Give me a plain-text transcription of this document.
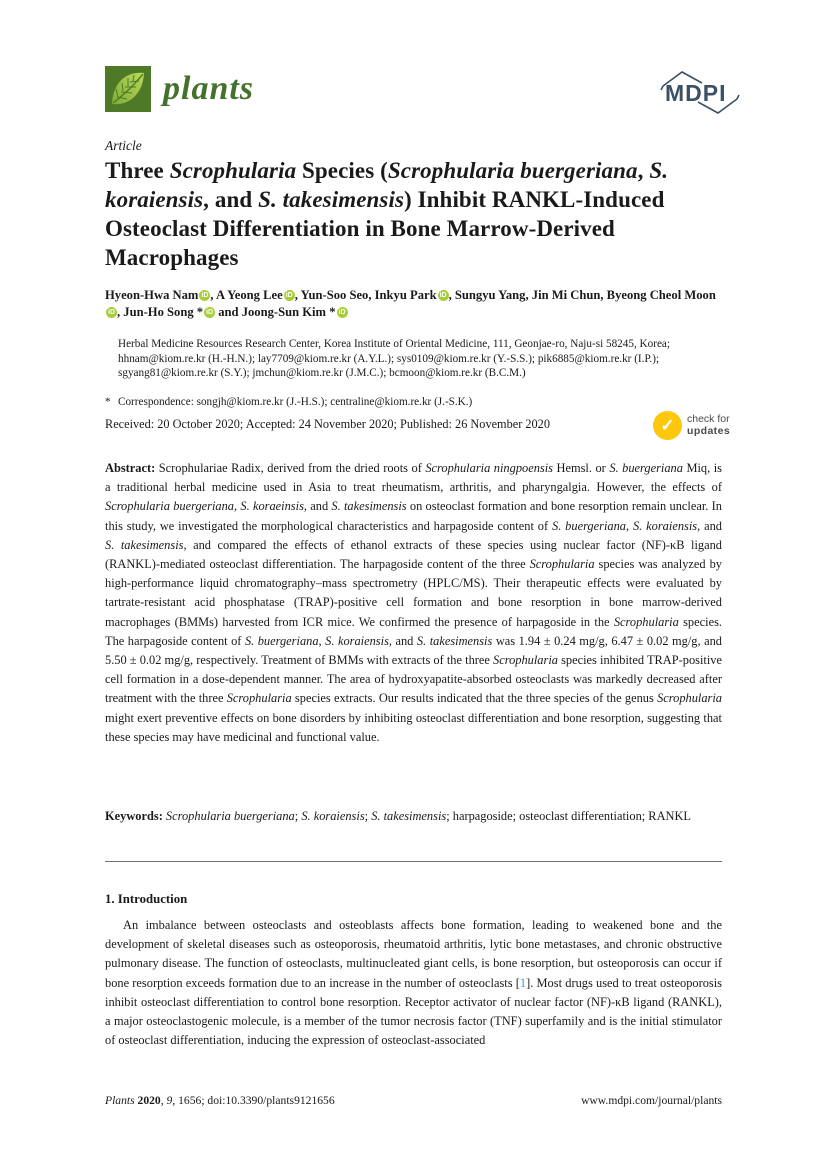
plants	MDPI
Article
Three Scrophularia Species (Scrophularia buergeriana, S. koraiensis, and S. takesimensis) Inhibit RANKL-Induced Osteoclast Differentiation in Bone Marrow-Derived Macrophages
Hyeon-Hwa Nam iD , A Yeong Lee iD , Yun-Soo Seo, Inkyu Park iD , Sungyu Yang, Jin Mi Chun, Byeong Cheol MooniD , Jun-Ho Song * iD and Joong-Sun Kim * iD
Herbal Medicine Resources Research Center, Korea Institute of Oriental Medicine, 111, Geonjae-ro, Naju-si 58245, Korea; hhnam@kiom.re.kr (H.-H.N.); lay7709@kiom.re.kr (A.Y.L.); sys0109@kiom.re.kr (Y.-S.S.); pik6885@kiom.re.kr (I.P.); sgyang81@kiom.re.kr (S.Y.); jmchun@kiom.re.kr (J.M.C.); bcmoon@kiom.re.kr (B.C.M.)
* Correspondence: songjh@kiom.re.kr (J.-H.S.); centraline@kiom.re.kr (J.-S.K.)
Received: 20 October 2020; Accepted: 24 November 2020; Published: 26 November 2020	✓	check for
updates

Abstract: Scrophulariae Radix, derived from the dried roots of Scrophularia ningpoensis Hemsl. or S. buergeriana Miq, is a traditional herbal medicine used in Asia to treat rheumatism, arthritis, and pharyngalgia. However, the effects of Scrophularia buergeriana, S. koraeinsis, and S. takesimensis on osteoclast formation and bone resorption remain unclear. In this study, we investigated the morphological characteristics and harpagoside content of S. buergeriana, S. koraiensis, and S. takesimensis, and compared the effects of ethanol extracts of these species using nuclear factor (NF)-κB ligand (RANKL)-mediated osteoclast differentiation. The harpagoside content of the three Scrophularia species was analyzed by high-performance liquid chromatography–mass spectrometry (HPLC/MS). Their therapeutic effects were evaluated by tartrate-resistant acid phosphatase (TRAP)-positive cell formation and bone resorption in bone marrow-derived macrophages (BMMs) harvested from ICR mice. We confirmed the presence of harpagoside in the Scrophularia species. The harpagoside content of S. buergeriana, S. koraiensis, and S. takesimensis was 1.94 ± 0.24 mg/g, 6.47 ± 0.02 mg/g, and 5.50 ± 0.02 mg/g, respectively. Treatment of BMMs with extracts of the three Scrophularia species inhibited TRAP-positive cell formation in a dose-dependent manner. The area of hydroxyapatite-absorbed osteoclasts was markedly decreased after treatment with the three Scrophularia species extracts. Our results indicated that the three species of the genus Scrophularia might exert preventive effects on bone disorders by inhibiting osteoclast differentiation and bone resorption, suggesting that these species may have medicinal and functional value.

Keywords: Scrophularia buergeriana; S. koraiensis; S. takesimensis; harpagoside; osteoclast differentiation; RANKL

1. Introduction

An imbalance between osteoclasts and osteoblasts affects bone formation, leading to weakened bone and the development of skeletal diseases such as osteoporosis, rheumatoid arthritis, lytic bone metastases, and chronic obstructive pulmonary disease. The function of osteoclasts, multinucleated giant cells, is bone resorption, but osteoporosis can occur if bone resorption exceeds formation due to an increase in the number of osteoclasts [1]. Most drugs used to treat osteoporosis inhibit osteoclast differentiation to control bone resorption. Receptor activator of nuclear factor (NF)-κB ligand (RANKL), a major osteoclastogenic molecule, is a member of the tumor necrosis factor (TNF) superfamily and is the initial stimulator of osteoclast differentiation, inducing the expression of osteoclast-associated

Plants 2020, 9, 1656; doi:10.3390/plants9121656	www.mdpi.com/journal/plants
